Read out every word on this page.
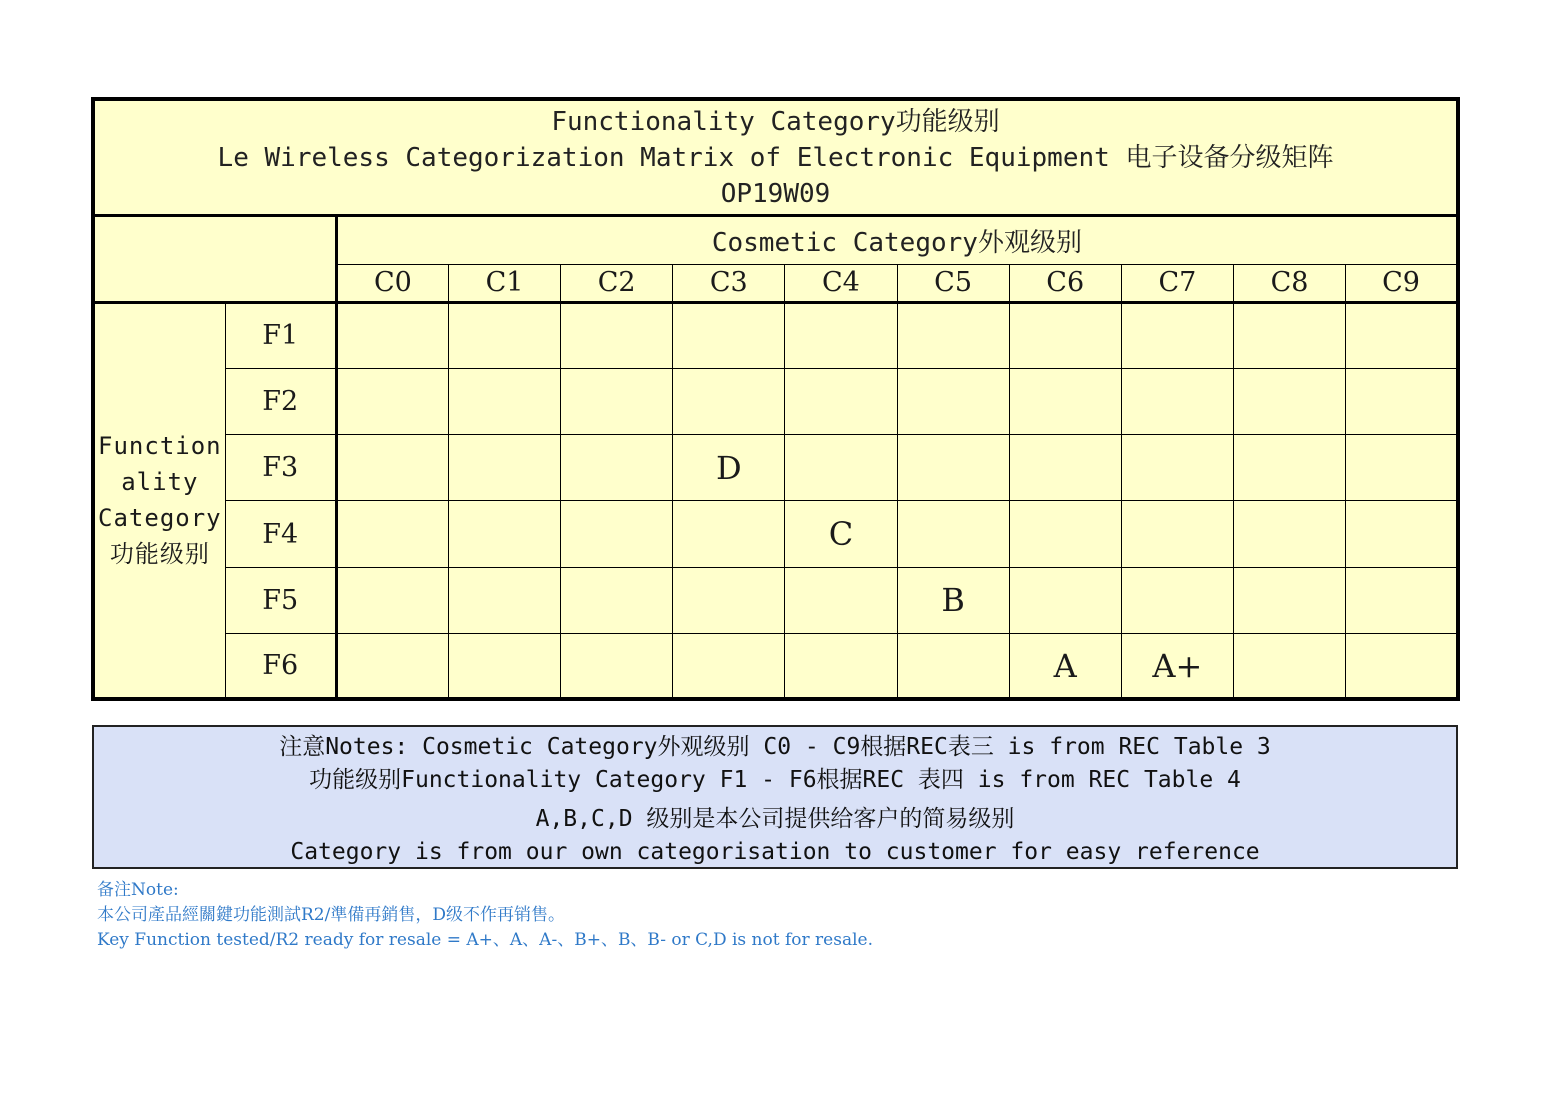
Functionality Category功能级别
Le Wireless Categorization Matrix of Electronic Equipment 电子设备分级矩阵
OP19W09											

		Cosmetic Category外观级别									
		C0	C1	C2	C3	C4	C5	C6	C7	C8	C9

Function
ality
Category
功能级别	F1										
	F2										
	F3				D						
	F4					C					
	F5						B				
	F6							A	A+		
注意Notes: Cosmetic Category外观级别 C0 - C9根据REC表三 is from REC Table 3
功能级别Functionality Category F1 - F6根据REC 表四 is from REC Table 4
A,B,C,D 级别是本公司提供给客户的简易级别
Category is from our own categorisation to customer for easy reference
备注Note:
本公司產品經關鍵功能測試R2/準備再銷售，D级不作再销售。
Key Function tested/R2 ready for resale = A+、A、A-、B+、B、B- or C,D is not for resale.
